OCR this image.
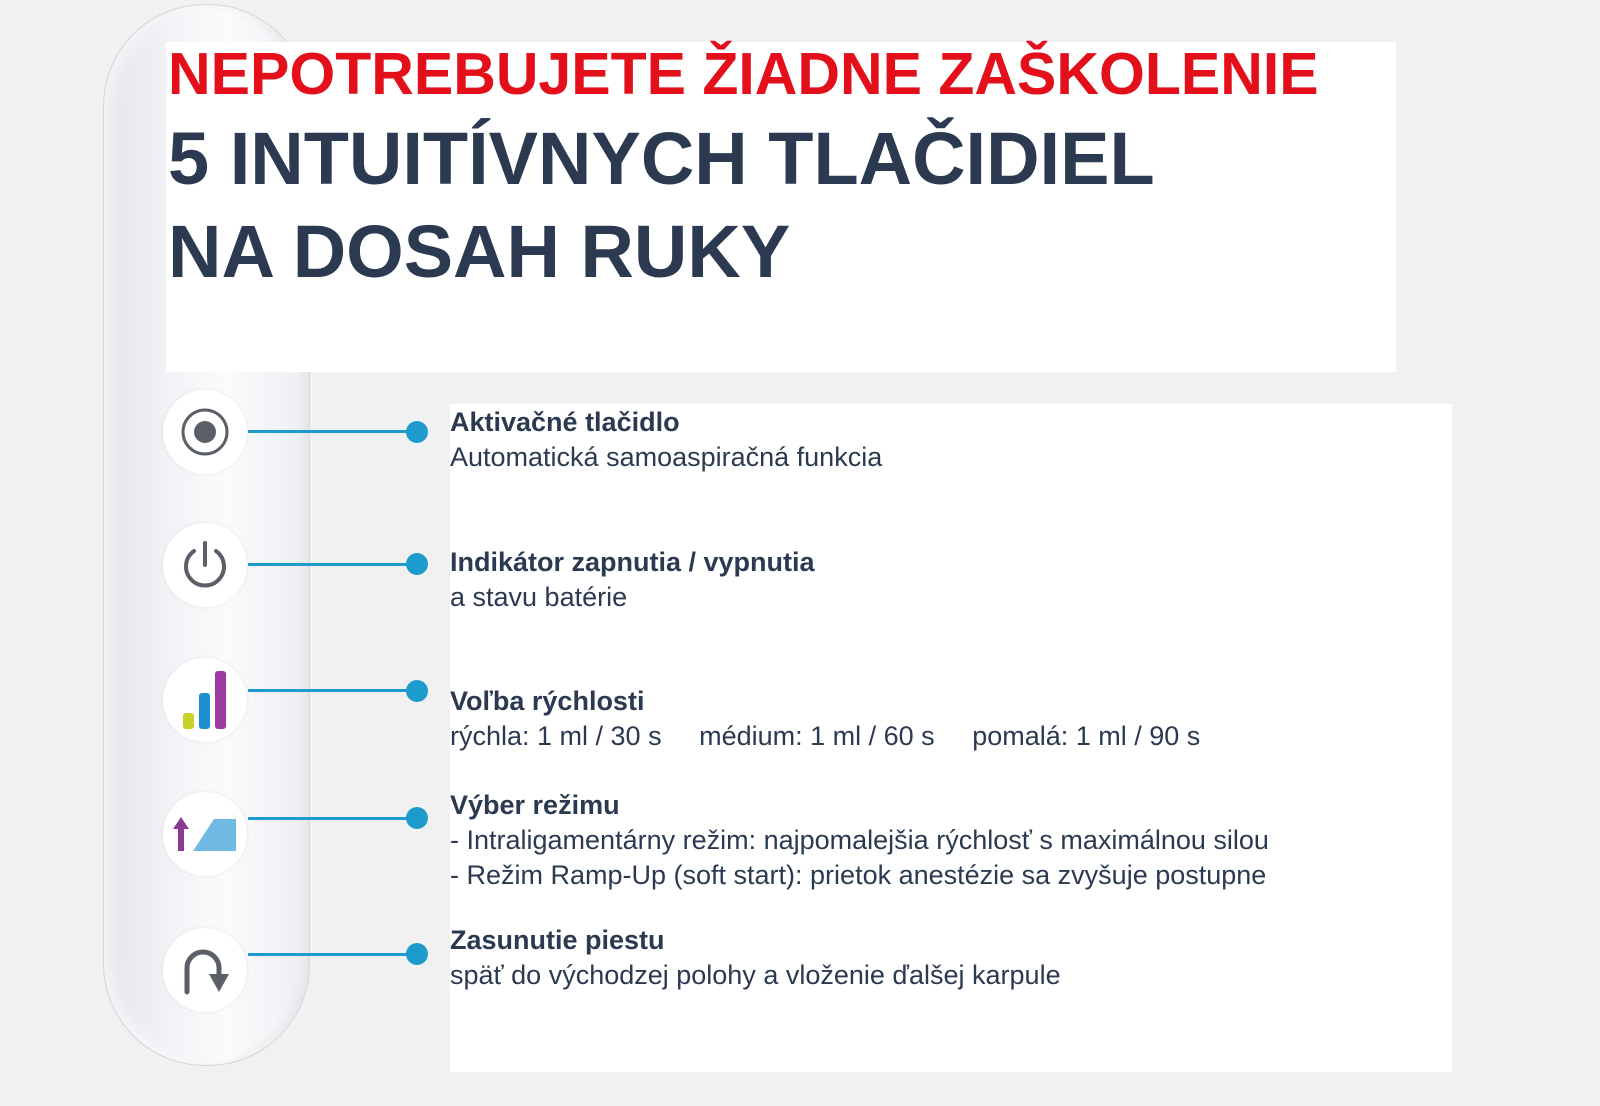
NEPOTREBUJETE ŽIADNE ZAŠKOLENIE
5 INTUITÍVNYCH TLAČIDIEL
NA DOSAH RUKY
Aktivačné tlačidlo
Automatická samoaspiračná funkcia
Indikátor zapnutia / vypnutia
a stavu batérie
Voľba rýchlosti
rýchla: 1 ml / 30 s médium: 1 ml / 60 s pomalá: 1 ml / 90 s
Výber režimu
- Intraligamentárny režim: najpomalejšia rýchlosť s maximálnou silou
- Režim Ramp-Up (soft start): prietok anestézie sa zvyšuje postupne
Zasunutie piestu
späť do východzej polohy a vloženie ďalšej karpule
